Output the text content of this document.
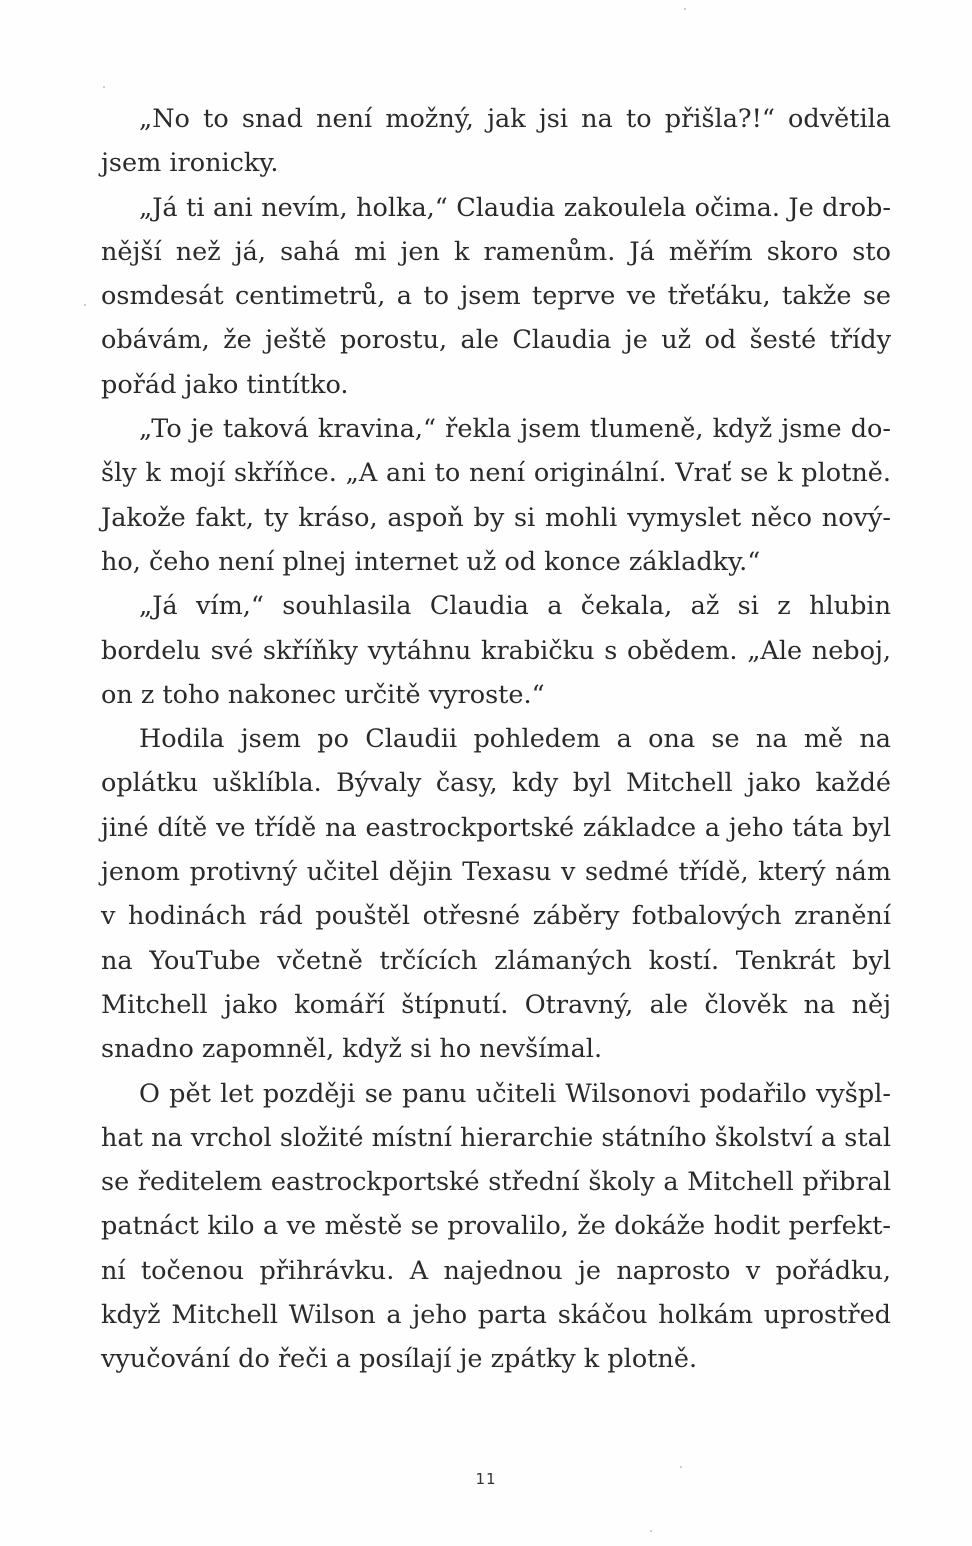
„No to snad není možný, jak jsi na to přišla?!“ odvětila jsem ironicky.

„Já ti ani nevím, holka,“ Claudia zakoulela očima. Je drobnější než já, sahá mi jen k ramenům. Já měřím skoro sto osmdesát centimetrů, a to jsem teprve ve třeťáku, takže se obávám, že ještě porostu, ale Claudia je už od šesté třídy pořád jako tintítko.

„To je taková kravina,“ řekla jsem tlumeně, když jsme došly k mojí skříňce. „A ani to není originální. Vrať se k plotně. Jakože fakt, ty kráso, aspoň by si mohli vymyslet něco novýho, čeho není plnej internet už od konce základky.“

„Já vím,“ souhlasila Claudia a čekala, až si z hlubin bordelu své skříňky vytáhnu krabičku s obědem. „Ale neboj, on z toho nakonec určitě vyroste.“

Hodila jsem po Claudii pohledem a ona se na mě na oplátku ušklíbla. Bývaly časy, kdy byl Mitchell jako každé jiné dítě ve třídě na eastrockportské základce a jeho táta byl jenom protivný učitel dějin Texasu v sedmé třídě, který nám v hodinách rád pouštěl otřesné záběry fotbalových zranění na YouTube včetně trčících zlámaných kostí. Tenkrát byl Mitchell jako komáří štípnutí. Otravný, ale člověk na něj snadno zapomněl, když si ho nevšímal.

O pět let později se panu učiteli Wilsonovi podařilo vyšplhat na vrchol složité místní hierarchie státního školství a stal se ředitelem eastrockportské střední školy a Mitchell přibral patnáct kilo a ve městě se provalilo, že dokáže hodit perfektní točenou přihrávku. A najednou je naprosto v pořádku, když Mitchell Wilson a jeho parta skáčou holkám uprostřed vyučování do řeči a posílají je zpátky k plotně.

11
